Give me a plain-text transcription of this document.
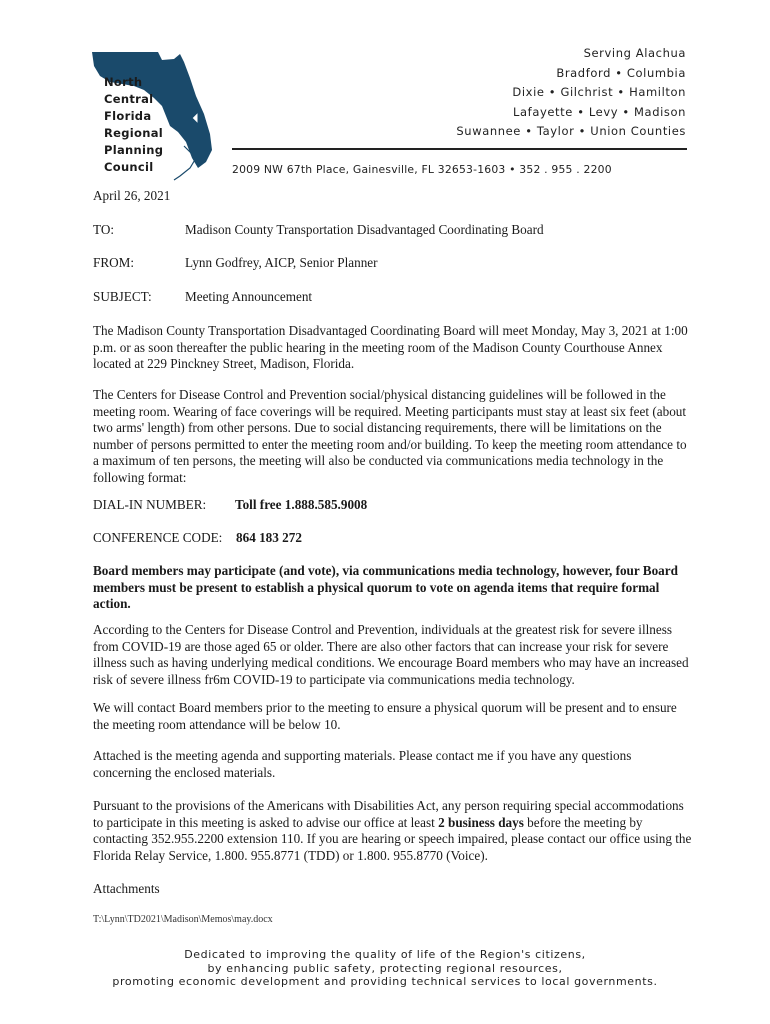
North
Central
Florida
Regional
Planning
Council
Serving Alachua
Bradford • Columbia
Dixie • Gilchrist • Hamilton
Lafayette • Levy • Madison
Suwannee • Taylor • Union Counties
2009 NW 67th Place, Gainesville, FL 32653-1603 • 352 . 955 . 2200
April 26, 2021
TO:	Madison County Transportation Disadvantaged Coordinating Board
FROM:	Lynn Godfrey, AICP, Senior Planner
SUBJECT:	Meeting Announcement

The Madison County Transportation Disadvantaged Coordinating Board will meet Monday, May 3, 2021 at 1:00 p.m. or as soon thereafter the public hearing in the meeting room of the Madison County Courthouse Annex located at 229 Pinckney Street, Madison, Florida.

The Centers for Disease Control and Prevention social/physical distancing guidelines will be followed in the meeting room. Wearing of face coverings will be required. Meeting participants must stay at least six feet (about two arms' length) from other persons. Due to social distancing requirements, there will be limitations on the number of persons permitted to enter the meeting room and/or building. To keep the meeting room attendance to a maximum of ten persons, the meeting will also be conducted via communications media technology in the following format:

DIAL-IN NUMBER: Toll free 1.888.585.9008
CONFERENCE CODE: 864 183 272

Board members may participate (and vote), via communications media technology, however, four Board members must be present to establish a physical quorum to vote on agenda items that require formal action.

According to the Centers for Disease Control and Prevention, individuals at the greatest risk for severe illness from COVID-19 are those aged 65 or older. There are also other factors that can increase your risk for severe illness such as having underlying medical conditions. We encourage Board members who may have an increased risk of severe illness fr6m COVID-19 to participate via communications media technology.

We will contact Board members prior to the meeting to ensure a physical quorum will be present and to ensure the meeting room attendance will be below 10.

Attached is the meeting agenda and supporting materials. Please contact me if you have any questions concerning the enclosed materials.

Pursuant to the provisions of the Americans with Disabilities Act, any person requiring special accommodations to participate in this meeting is asked to advise our office at least 2 business days before the meeting by contacting 352.955.2200 extension 110. If you are hearing or speech impaired, please contact our office using the Florida Relay Service, 1.800. 955.8771 (TDD) or 1.800. 955.8770 (Voice).

Attachments
T:\Lynn\TD2021\Madison\Memos\may.docx
Dedicated to improving the quality of life of the Region's citizens,
by enhancing public safety, protecting regional resources,
promoting economic development and providing technical services to local governments.
